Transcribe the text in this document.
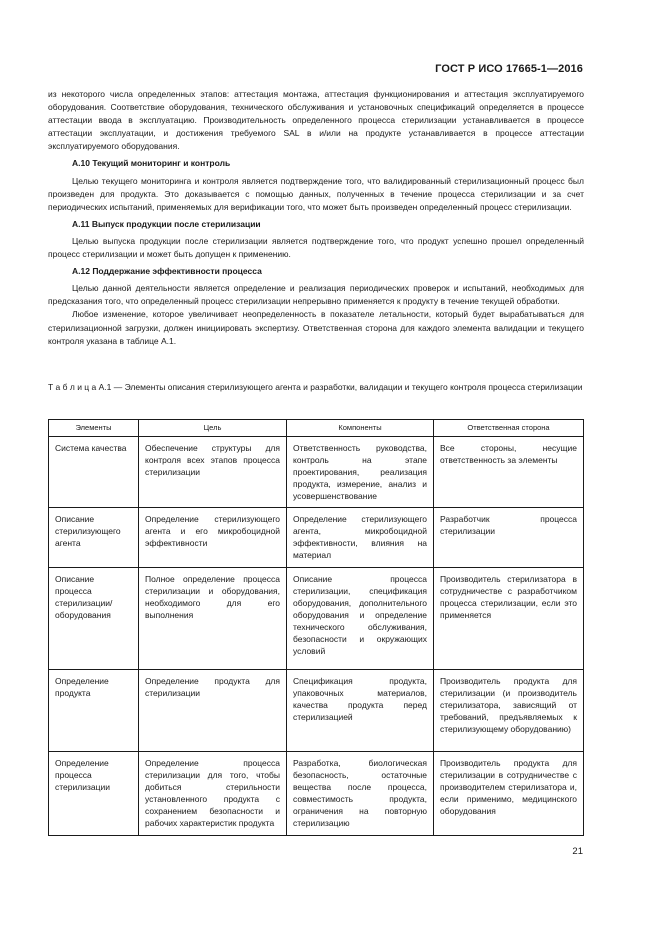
ГОСТ Р ИСО 17665-1—2016

из некоторого числа определенных этапов: аттестация монтажа, аттестация функционирования и аттестация эксплуатируемого оборудования. Соответствие оборудования, технического обслуживания и установочных спецификаций определяется в процессе аттестации ввода в эксплуатацию. Производительность определенного процесса стерилизации устанавливается в процессе аттестации эксплуатации, и достижения требуемого SAL в и/или на продукте устанавливается в процессе аттестации эксплуатируемого оборудования.

А.10 Текущий мониторинг и контроль

Целью текущего мониторинга и контроля является подтверждение того, что валидированный стерилизационный процесс был произведен для продукта. Это доказывается с помощью данных, полученных в течение процесса стерилизации и за счет периодических испытаний, применяемых для верификации того, что может быть произведен определенный процесс стерилизации.

А.11 Выпуск продукции после стерилизации

Целью выпуска продукции после стерилизации является подтверждение того, что продукт успешно прошел определенный процесс стерилизации и может быть допущен к применению.

А.12 Поддержание эффективности процесса

Целью данной деятельности является определение и реализация периодических проверок и испытаний, необходимых для предсказания того, что определенный процесс стерилизации непрерывно применяется к продукту в течение текущей обработки.

Любое изменение, которое увеличивает неопределенность в показателе летальности, который будет вырабатываться для стерилизационной загрузки, должен инициировать экспертизу. Ответственная сторона для каждого элемента валидации и текущего контроля указана в таблице А.1.

Т а б л и ц а А.1 — Элементы описания стерилизующего агента и разработки, валидации и текущего контроля процесса стерилизации
Элементы	Цель	Компоненты	Ответственная сторона
Система качества	Обеспечение структуры для контроля всех этапов процесса стерилизации	Ответственность руководства, контроль на этапе проектирования, реализация продукта, измерение, анализ и усовершенствование	Все стороны, несущие ответственность за элементы
Описание стерилизующего агента	Определение стерилизующего агента и его микробоцидной эффективности	Определение стерилизующего агента, микробоцидной эффективности, влияния на материал	Разработчик процесса стерилизации
Описание процесса стерилизации/ оборудования	Полное определение процесса стерилизации и оборудования, необходимого для его выполнения	Описание процесса стерилизации, спецификация оборудования, дополнительного оборудования и определение технического обслуживания, безопасности и окружающих условий	Производитель стерилизатора в сотрудничестве с разработчиком процесса стерилизации, если это применяется
Определение продукта	Определение продукта для стерилизации	Спецификация продукта, упаковочных материалов, качества продукта перед стерилизацией	Производитель продукта для стерилизации (и производитель стерилизатора, зависящий от требований, предъявляемых к стерилизующему оборудованию)
Определение процесса стерилизации	Определение процесса стерилизации для того, чтобы добиться стерильности установленного продукта с сохранением безопасности и рабочих характеристик продукта	Разработка, биологическая безопасность, остаточные вещества после процесса, совместимость продукта, ограничения на повторную стерилизацию	Производитель продукта для стерилизации в сотрудничестве с производителем стерилизатора и, если применимо, медицинского оборудования
21
